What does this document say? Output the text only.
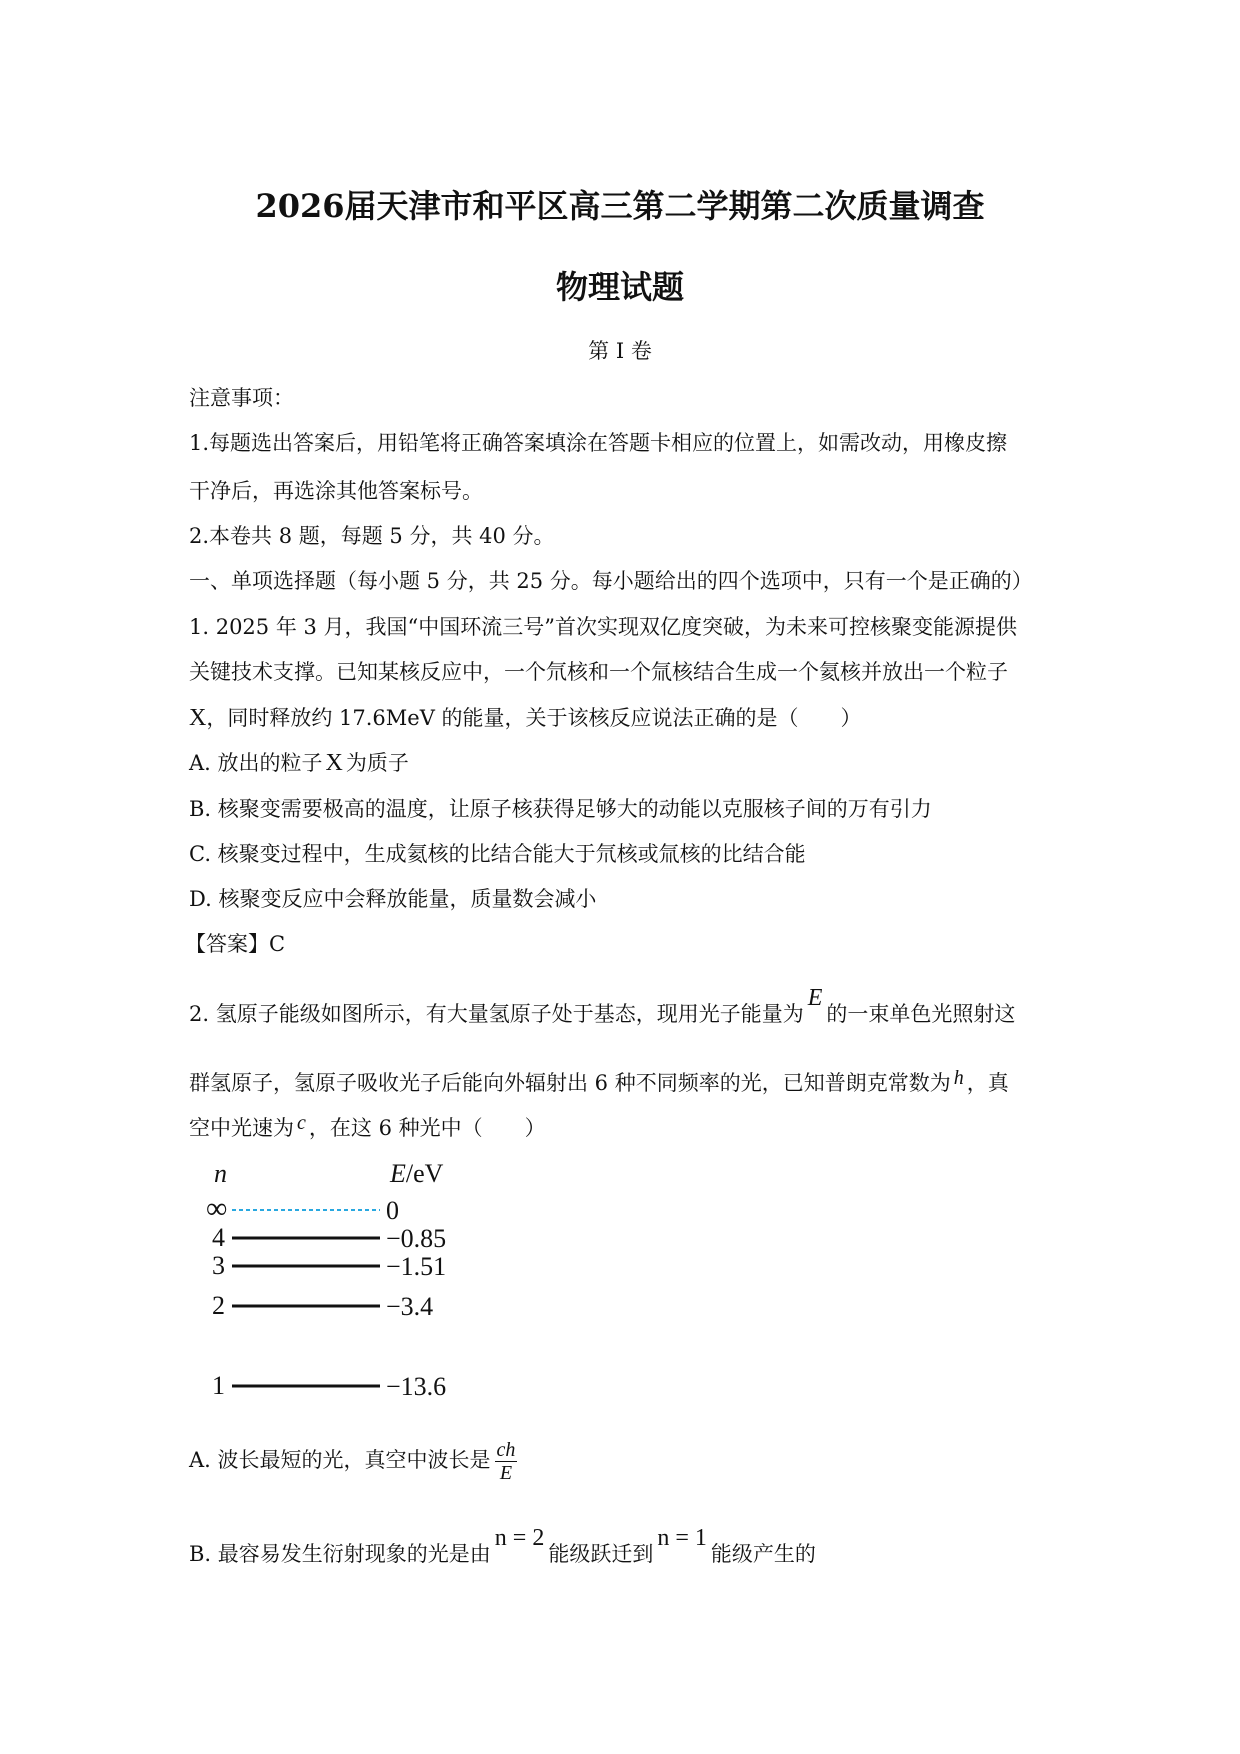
2026届天津市和平区高三第二学期第二次质量调查
物理试题
第 I 卷
注意事项：
1.每题选出答案后，用铅笔将正确答案填涂在答题卡相应的位置上，如需改动，用橡皮擦
干净后，再选涂其他答案标号。
2.本卷共 8 题，每题 5 分，共 40 分。
一、单项选择题（每小题 5 分，共 25 分。每小题给出的四个选项中，只有一个是正确的）
1. 2025 年 3 月，我国“中国环流三号”首次实现双亿度突破，为未来可控核聚变能源提供
关键技术支撑。已知某核反应中，一个氘核和一个氚核结合生成一个氦核并放出一个粒子
X，同时释放约 17.6MeV 的能量，关于该核反应说法正确的是（　　）
A. 放出的粒子 X 为质子
B. 核聚变需要极高的温度，让原子核获得足够大的动能以克服核子间的万有引力
C. 核聚变过程中，生成氦核的比结合能大于氘核或氚核的比结合能
D. 核聚变反应中会释放能量，质量数会减小
【答案】C
2. 氢原子能级如图所示，有大量氢原子处于基态，现用光子能量为E的一束单色光照射这
群氢原子，氢原子吸收光子后能向外辐射出 6 种不同频率的光，已知普朗克常数为 h ，真
空中光速为 c ，在这 6 种光中（　　）
n	E/eV
∞	0
4	−0.85
3	−1.51
2	−3.4
1	−13.6
A. 波长最短的光，真空中波长是 $\frac{ch}{E}$
B. 最容易发生衍射现象的光是由n = 2能级跃迁到n = 1能级产生的
